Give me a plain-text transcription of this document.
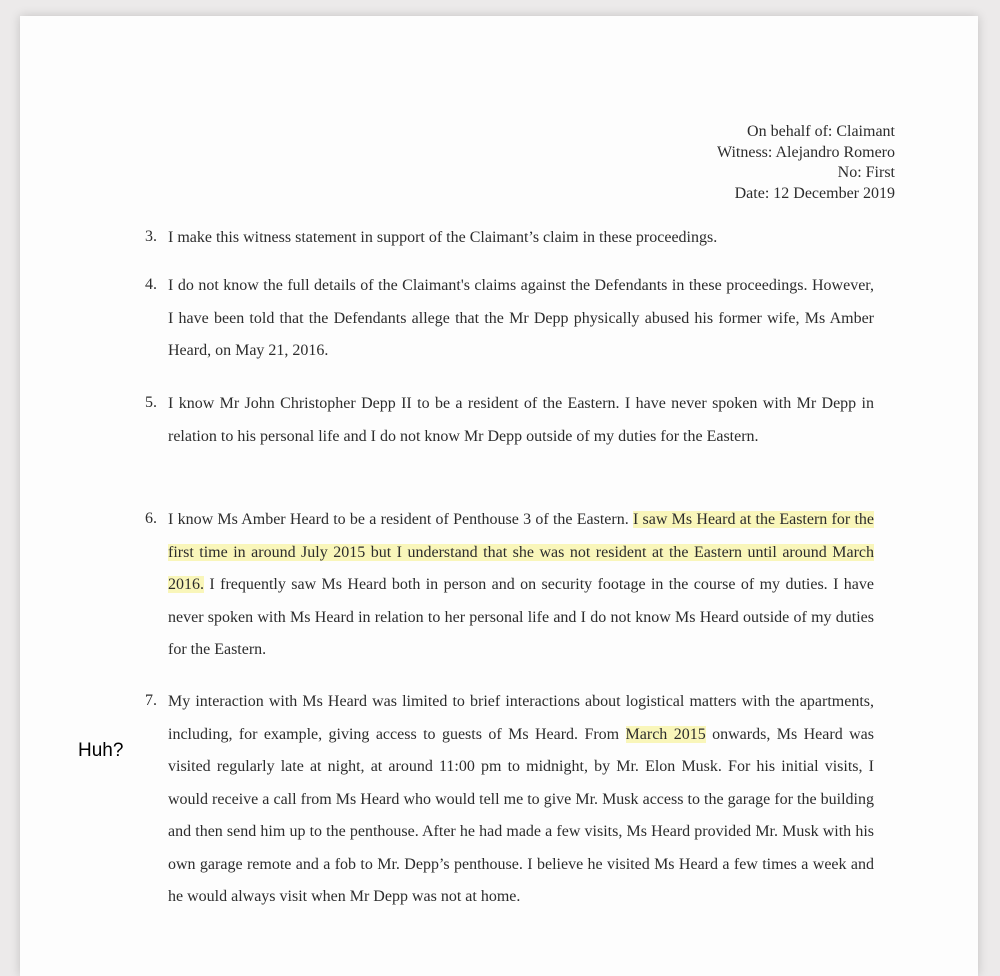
On behalf of: Claimant
Witness: Alejandro Romero
No: First
Date: 12 December 2019
3. I make this witness statement in support of the Claimant’s claim in these proceedings.
4. I do not know the full details of the Claimant's claims against the Defendants in these proceedings. However, I have been told that the Defendants allege that the Mr Depp physically abused his former wife, Ms Amber Heard, on May 21, 2016.
5. I know Mr John Christopher Depp II to be a resident of the Eastern. I have never spoken with Mr Depp in relation to his personal life and I do not know Mr Depp outside of my duties for the Eastern.
6. I know Ms Amber Heard to be a resident of Penthouse 3 of the Eastern. I saw Ms Heard at the Eastern for the first time in around July 2015 but I understand that she was not resident at the Eastern until around March 2016. I frequently saw Ms Heard both in person and on security footage in the course of my duties. I have never spoken with Ms Heard in relation to her personal life and I do not know Ms Heard outside of my duties for the Eastern.
7. My interaction with Ms Heard was limited to brief interactions about logistical matters with the apartments, including, for example, giving access to guests of Ms Heard. From March 2015 onwards, Ms Heard was visited regularly late at night, at around 11:00 pm to midnight, by Mr. Elon Musk. For his initial visits, I would receive a call from Ms Heard who would tell me to give Mr. Musk access to the garage for the building and then send him up to the penthouse. After he had made a few visits, Ms Heard provided Mr. Musk with his own garage remote and a fob to Mr. Depp’s penthouse. I believe he visited Ms Heard a few times a week and he would always visit when Mr Depp was not at home.
Huh?
